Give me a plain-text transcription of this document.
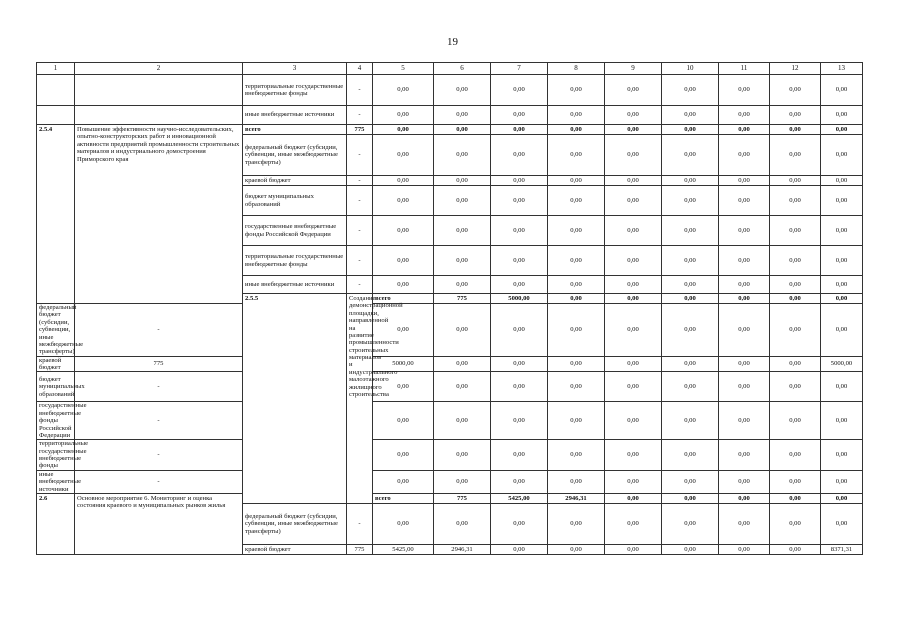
19
1	2	3	4	5	6	7	8	9	10	11	12	13	
		территориальные государственные внебюджетные фонды	-	0,00	0,00	0,00	0,00	0,00	0,00	0,00	0,00	0,00	
		иные внебюджетные источники	-	0,00	0,00	0,00	0,00	0,00	0,00	0,00	0,00	0,00	
2.5.4	Повышение эффективности научно-исследовательских, опытно-конструкторских работ и инновационной активности предприятий промышленности строительных материалов и индустриального домостроения Приморского края	всего	775	0,00	0,00	0,00	0,00	0,00	0,00	0,00	0,00	0,00	
		федеральный бюджет (субсидии, субвенции, иные межбюджетные трансферты)	-	0,00	0,00	0,00	0,00	0,00	0,00	0,00	0,00	0,00	
		краевой бюджет	-	0,00	0,00	0,00	0,00	0,00	0,00	0,00	0,00	0,00	
		бюджет муниципальных образований	-	0,00	0,00	0,00	0,00	0,00	0,00	0,00	0,00	0,00	
		государственные внебюджетные фонды Российской Федерации	-	0,00	0,00	0,00	0,00	0,00	0,00	0,00	0,00	0,00	
		территориальные государственные внебюджетные фонды	-	0,00	0,00	0,00	0,00	0,00	0,00	0,00	0,00	0,00	
		иные внебюджетные источники	-	0,00	0,00	0,00	0,00	0,00	0,00	0,00	0,00	0,00	
		2.5.5	Создание демонстрационной площадки, направленной на развитие промышленности строительных материалов и индустриального малоэтажного жилищного строительства	всего	775	5000,00	0,00	0,00	0,00	0,00	0,00	0,00		
федеральный бюджет (субсидии, субвенции, иные межбюджетные трансферты)	-			0,00	0,00	0,00	0,00	0,00	0,00	0,00	0,00	0,00	
краевой бюджет	775			5000,00	0,00	0,00	0,00	0,00	0,00	0,00	0,00	5000,00	
бюджет муниципальных образований	-			0,00	0,00	0,00	0,00	0,00	0,00	0,00	0,00	0,00	
государственные внебюджетные фонды Российской Федерации	-			0,00	0,00	0,00	0,00	0,00	0,00	0,00	0,00	0,00	
территориальные государственные внебюджетные фонды	-			0,00	0,00	0,00	0,00	0,00	0,00	0,00	0,00	0,00	
иные внебюджетные источники	-			0,00	0,00	0,00	0,00	0,00	0,00	0,00	0,00	0,00	
2.6	Основное мероприятие 6. Мониторинг и оценка состояния краевого и муниципальных рынков жилья			всего	775	5425,00	2946,31	0,00	0,00	0,00	0,00	0,00		
		федеральный бюджет (субсидии, субвенции, иные межбюджетные трансферты)	-	0,00	0,00	0,00	0,00	0,00	0,00	0,00	0,00	0,00	
		краевой бюджет	775	5425,00	2946,31	0,00	0,00	0,00	0,00	0,00	0,00	8371,31	
